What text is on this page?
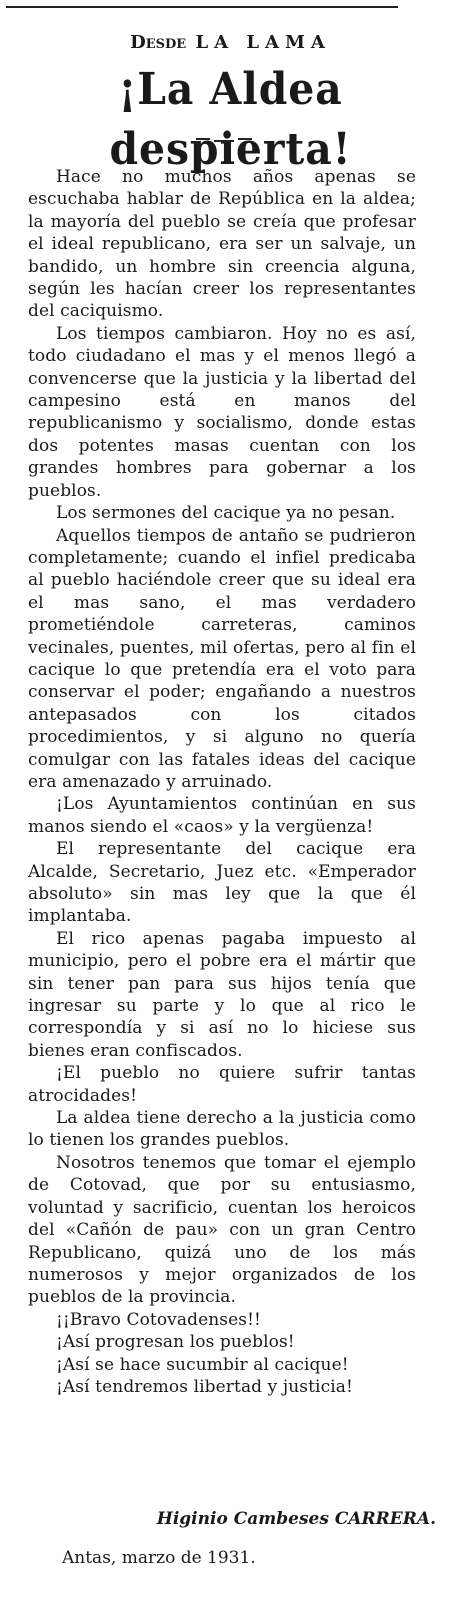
Desde LA LAMA
¡La Aldea despierta!

Hace no muchos años apenas se escuchaba hablar de República en la aldea; la mayoría del pueblo se creía que profesar el ideal republicano, era ser un salvaje, un bandido, un hombre sin creencia alguna, según les hacían creer los representantes del caciquismo.

Los tiempos cambiaron. Hoy no es así, todo ciudadano el mas y el menos llegó a convencerse que la justicia y la libertad del campesino está en manos del republicanismo y socialismo, donde estas dos potentes masas cuentan con los grandes hombres para gobernar a los pueblos.

Los sermones del cacique ya no pesan.

Aquellos tiempos de antaño se pudrieron completamente; cuando el infiel predicaba al pueblo haciéndole creer que su ideal era el mas sano, el mas verdadero prometiéndole carreteras, caminos vecinales, puentes, mil ofertas, pero al fin el cacique lo que pretendía era el voto para conservar el poder; engañando a nuestros antepasados con los citados procedimientos, y si alguno no quería comulgar con las fatales ideas del cacique era amenazado y arruinado.

¡Los Ayuntamientos continúan en sus manos siendo el «caos» y la vergüenza!

El representante del cacique era Alcalde, Secretario, Juez etc. «Emperador absoluto» sin mas ley que la que él implantaba.

El rico apenas pagaba impuesto al municipio, pero el pobre era el mártir que sin tener pan para sus hijos tenía que ingresar su parte y lo que al rico le correspondía y si así no lo hiciese sus bienes eran confiscados.

¡El pueblo no quiere sufrir tantas atrocidades!

La aldea tiene derecho a la justicia como lo tienen los grandes pueblos.

Nosotros tenemos que tomar el ejemplo de Cotovad, que por su entusiasmo, voluntad y sacrificio, cuentan los heroicos del «Cañón de pau» con un gran Centro Republicano, quizá uno de los más numerosos y mejor organizados de los pueblos de la provincia.

¡¡Bravo Cotovadenses!!

¡Así progresan los pueblos!

¡Así se hace sucumbir al cacique!

¡Así tendremos libertad y justicia!

Higinio Cambeses CARRERA.
Antas, marzo de 1931.
